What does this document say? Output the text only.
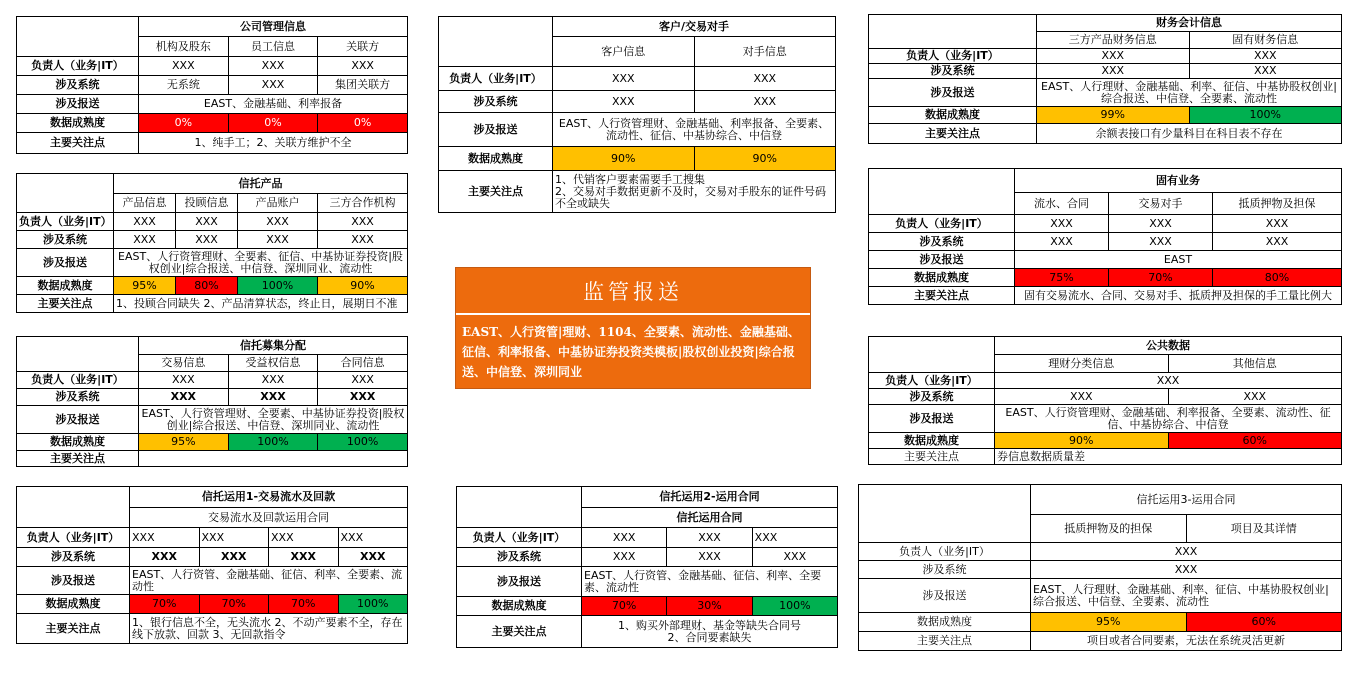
	公司管理信息		
	机构及股东	员工信息	关联方
负责人（业务|IT）	XXX	XXX	XXX
涉及系统	无系统	XXX	集团关联方
涉及报送	EAST、金融基础、利率报备		
数据成熟度	0%	0%	0%
主要关注点	1、纯手工；2、关联方维护不全		
	信托产品			
	产品信息	投顾信息	产品账户	三方合作机构
负责人（业务|IT）	XXX	XXX	XXX	XXX
涉及系统	XXX	XXX	XXX	XXX
涉及报送	EAST、人行资管理财、全要素、征信、中基协证券投资|股权创业|综合报送、中信登、深圳同业、流动性			
数据成熟度	95%	80%	100%	90%
主要关注点	1、投顾合同缺失 2、产品清算状态，终止日，展期日不准			
	信托募集分配		
	交易信息	受益权信息	合同信息
负责人（业务|IT）	XXX	XXX	XXX
涉及系统	XXX	XXX	XXX
涉及报送	EAST、人行资管理财、全要素、中基协证券投资|股权创业|综合报送、中信登、深圳同业、流动性		
数据成熟度	95%	100%	100%
主要关注点			
	信托运用1-交易流水及回款			
	交易流水及回款运用合同			
负责人（业务|IT）	XXX	XXX	XXX	XXX
涉及系统	XXX	XXX	XXX	XXX
涉及报送	EAST、人行资管、金融基础、征信、利率、全要素、流动性			
数据成熟度	70%	70%	70%	100%
主要关注点	1、银行信息不全，无头流水 2、不动产要素不全，存在线下放款、回款 3、无回款指令			
	客户/交易对手	
	客户信息	对手信息
负责人（业务|IT）	XXX	XXX
涉及系统	XXX	XXX
涉及报送	EAST、人行资管理财、金融基础、利率报备、全要素、流动性、征信、中基协综合、中信登	
数据成熟度	90%	90%
主要关注点	1、代销客户要素需要手工搜集
2、交易对手数据更新不及时，交易对手股东的证件号码不全或缺失	
监管报送
EAST、人行资管|理财、1104、全要素、流动性、金融基础、征信、利率报备、中基协证券投资类模板|股权创业投资|综合报送、中信登、深圳同业
	信托运用2-运用合同		
	信托运用合同		
负责人（业务|IT）	XXX	XXX	XXX
涉及系统	XXX	XXX	XXX
涉及报送	EAST、人行资管、金融基础、征信、利率、全要素、流动性		
数据成熟度	70%	30%	100%
主要关注点	1、购买外部理财、基金等缺失合同号
2、合同要素缺失		
	财务会计信息	
	三方产品财务信息	固有财务信息
负责人（业务|IT）	XXX	XXX
涉及系统	XXX	XXX
涉及报送	EAST、人行理财、金融基础、利率、征信、中基协股权创业|综合报送、中信登、全要素、流动性	
数据成熟度	99%	100%
主要关注点	余额表接口有少量科目在科目表不存在	
	固有业务		
	流水、合同	交易对手	抵质押物及担保
负责人（业务|IT）	XXX	XXX	XXX
涉及系统	XXX	XXX	XXX
涉及报送	EAST		
数据成熟度	75%	70%	80%
主要关注点	固有交易流水、合同、交易对手、抵质押及担保的手工量比例大		
	公共数据	
	理财分类信息	其他信息
负责人（业务|IT）	XXX	
涉及系统	XXX	XXX
涉及报送	EAST、人行资管理财、金融基础、利率报备、全要素、流动性、征信、中基协综合、中信登	
数据成熟度	90%	60%
主要关注点	券信息数据质量差	
	信托运用3-运用合同	
	抵质押物及的担保	项目及其详情
负责人（业务|IT）	XXX	
涉及系统	XXX	
涉及报送	EAST、人行理财、金融基础、利率、征信、中基协股权创业|综合报送、中信登、全要素、流动性	
数据成熟度	95%	60%
主要关注点	项目或者合同要素，无法在系统灵活更新	
